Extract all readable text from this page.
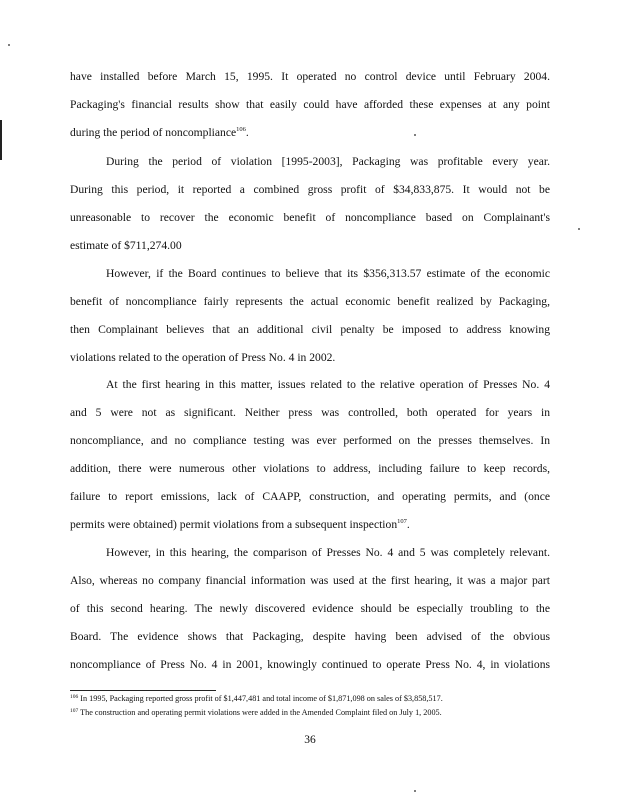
have installed before March 15, 1995. It operated no control device until February 2004.
Packaging's financial results show that easily could have afforded these expenses at any point
during the period of noncompliance$^{106}$.
During the period of violation [1995-2003], Packaging was profitable every year.
During this period, it reported a combined gross profit of $34,833,875. It would not be
unreasonable to recover the economic benefit of noncompliance based on Complainant's
estimate of $711,274.00
However, if the Board continues to believe that its $356,313.57 estimate of the economic
benefit of noncompliance fairly represents the actual economic benefit realized by Packaging,
then Complainant believes that an additional civil penalty be imposed to address knowing
violations related to the operation of Press No. 4 in 2002.
At the first hearing in this matter, issues related to the relative operation of Presses No. 4
and 5 were not as significant. Neither press was controlled, both operated for years in
noncompliance, and no compliance testing was ever performed on the presses themselves. In
addition, there were numerous other violations to address, including failure to keep records,
failure to report emissions, lack of CAAPP, construction, and operating permits, and (once
permits were obtained) permit violations from a subsequent inspection$^{107}$.
However, in this hearing, the comparison of Presses No. 4 and 5 was completely relevant.
Also, whereas no company financial information was used at the first hearing, it was a major part
of this second hearing. The newly discovered evidence should be especially troubling to the
Board. The evidence shows that Packaging, despite having been advised of the obvious
noncompliance of Press No. 4 in 2001, knowingly continued to operate Press No. 4, in violations
$^{106}$ In 1995, Packaging reported gross profit of $1,447,481 and total income of $1,871,098 on sales of $3,858,517.
$^{107}$ The construction and operating permit violations were added in the Amended Complaint filed on July 1, 2005.
36
